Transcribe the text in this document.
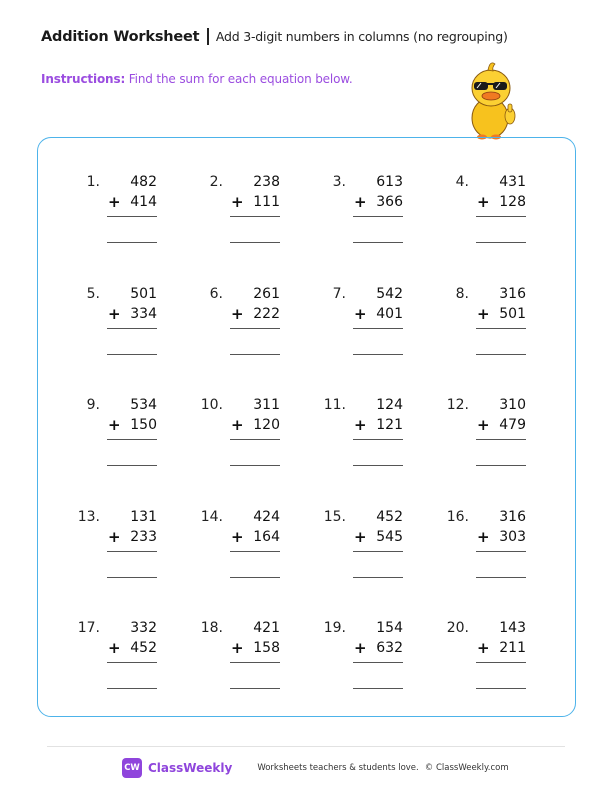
Addition Worksheet Add 3-digit numbers in columns (no regrouping)
Instructions: Find the sum for each equation below.
1.	482
+ 414
2.	238
+ 111
3.	613
+ 366
4.	431
+ 128
5.	501
+ 334
6.	261
+ 222
7.	542
+ 401
8.	316
+ 501
9.	534
+ 150
10.	311
+ 120
11.	124
+ 121
12.	310
+ 479
13.	131
+ 233
14.	424
+ 164
15.	452
+ 545
16.	316
+ 303
17.	332
+ 452
18.	421
+ 158
19.	154
+ 632
20.	143
+ 211
CW ClassWeekly	Worksheets teachers & students love. © ClassWeekly.com
